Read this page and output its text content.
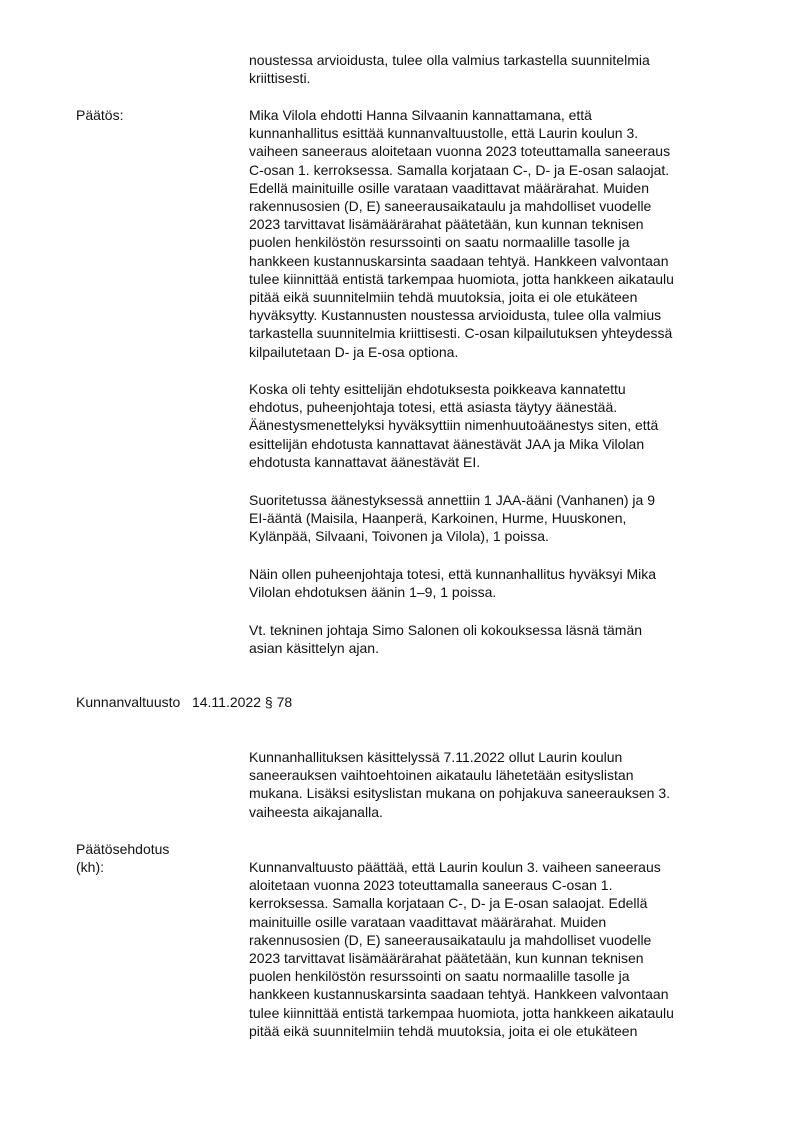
noustessa arvioidusta, tulee olla valmius tarkastella suunnitelmia
kriittisesti.
Päätös:	Mika Vilola ehdotti Hanna Silvaanin kannattamana, että
kunnanhallitus esittää kunnanvaltuustolle, että Laurin koulun 3.
vaiheen saneeraus aloitetaan vuonna 2023 toteuttamalla saneeraus
C-osan 1. kerroksessa. Samalla korjataan C-, D- ja E-osan salaojat.
Edellä mainituille osille varataan vaadittavat määrärahat. Muiden
rakennusosien (D, E) saneerausaikataulu ja mahdolliset vuodelle
2023 tarvittavat lisämäärärahat päätetään, kun kunnan teknisen
puolen henkilöstön resurssointi on saatu normaalille tasolle ja
hankkeen kustannuskarsinta saadaan tehtyä. Hankkeen valvontaan
tulee kiinnittää entistä tarkempaa huomiota, jotta hankkeen aikataulu
pitää eikä suunnitelmiin tehdä muutoksia, joita ei ole etukäteen
hyväksytty. Kustannusten noustessa arvioidusta, tulee olla valmius
tarkastella suunnitelmia kriittisesti. C-osan kilpailutuksen yhteydessä
kilpailutetaan D- ja E-osa optiona.
Koska oli tehty esittelijän ehdotuksesta poikkeava kannatettu
ehdotus, puheenjohtaja totesi, että asiasta täytyy äänestää.
Äänestysmenettelyksi hyväksyttiin nimenhuutoäänestys siten, että
esittelijän ehdotusta kannattavat äänestävät JAA ja Mika Vilolan
ehdotusta kannattavat äänestävät EI.
Suoritetussa äänestyksessä annettiin 1 JAA-ääni (Vanhanen) ja 9
EI-ääntä (Maisila, Haanperä, Karkoinen, Hurme, Huuskonen,
Kylänpää, Silvaani, Toivonen ja Vilola), 1 poissa.
Näin ollen puheenjohtaja totesi, että kunnanhallitus hyväksyi Mika
Vilolan ehdotuksen äänin 1–9, 1 poissa.
Vt. tekninen johtaja Simo Salonen oli kokouksessa läsnä tämän
asian käsittelyn ajan.
Kunnanvaltuusto   14.11.2022 § 78
Kunnanhallituksen käsittelyssä 7.11.2022 ollut Laurin koulun
saneerauksen vaihtoehtoinen aikataulu lähetetään esityslistan
mukana. Lisäksi esityslistan mukana on pohjakuva saneerauksen 3.
vaiheesta aikajanalla.
Päätösehdotus
(kh):	Kunnanvaltuusto päättää, että Laurin koulun 3. vaiheen saneeraus
aloitetaan vuonna 2023 toteuttamalla saneeraus C-osan 1.
kerroksessa. Samalla korjataan C-, D- ja E-osan salaojat. Edellä
mainituille osille varataan vaadittavat määrärahat. Muiden
rakennusosien (D, E) saneerausaikataulu ja mahdolliset vuodelle
2023 tarvittavat lisämäärärahat päätetään, kun kunnan teknisen
puolen henkilöstön resurssointi on saatu normaalille tasolle ja
hankkeen kustannuskarsinta saadaan tehtyä. Hankkeen valvontaan
tulee kiinnittää entistä tarkempaa huomiota, jotta hankkeen aikataulu
pitää eikä suunnitelmiin tehdä muutoksia, joita ei ole etukäteen
